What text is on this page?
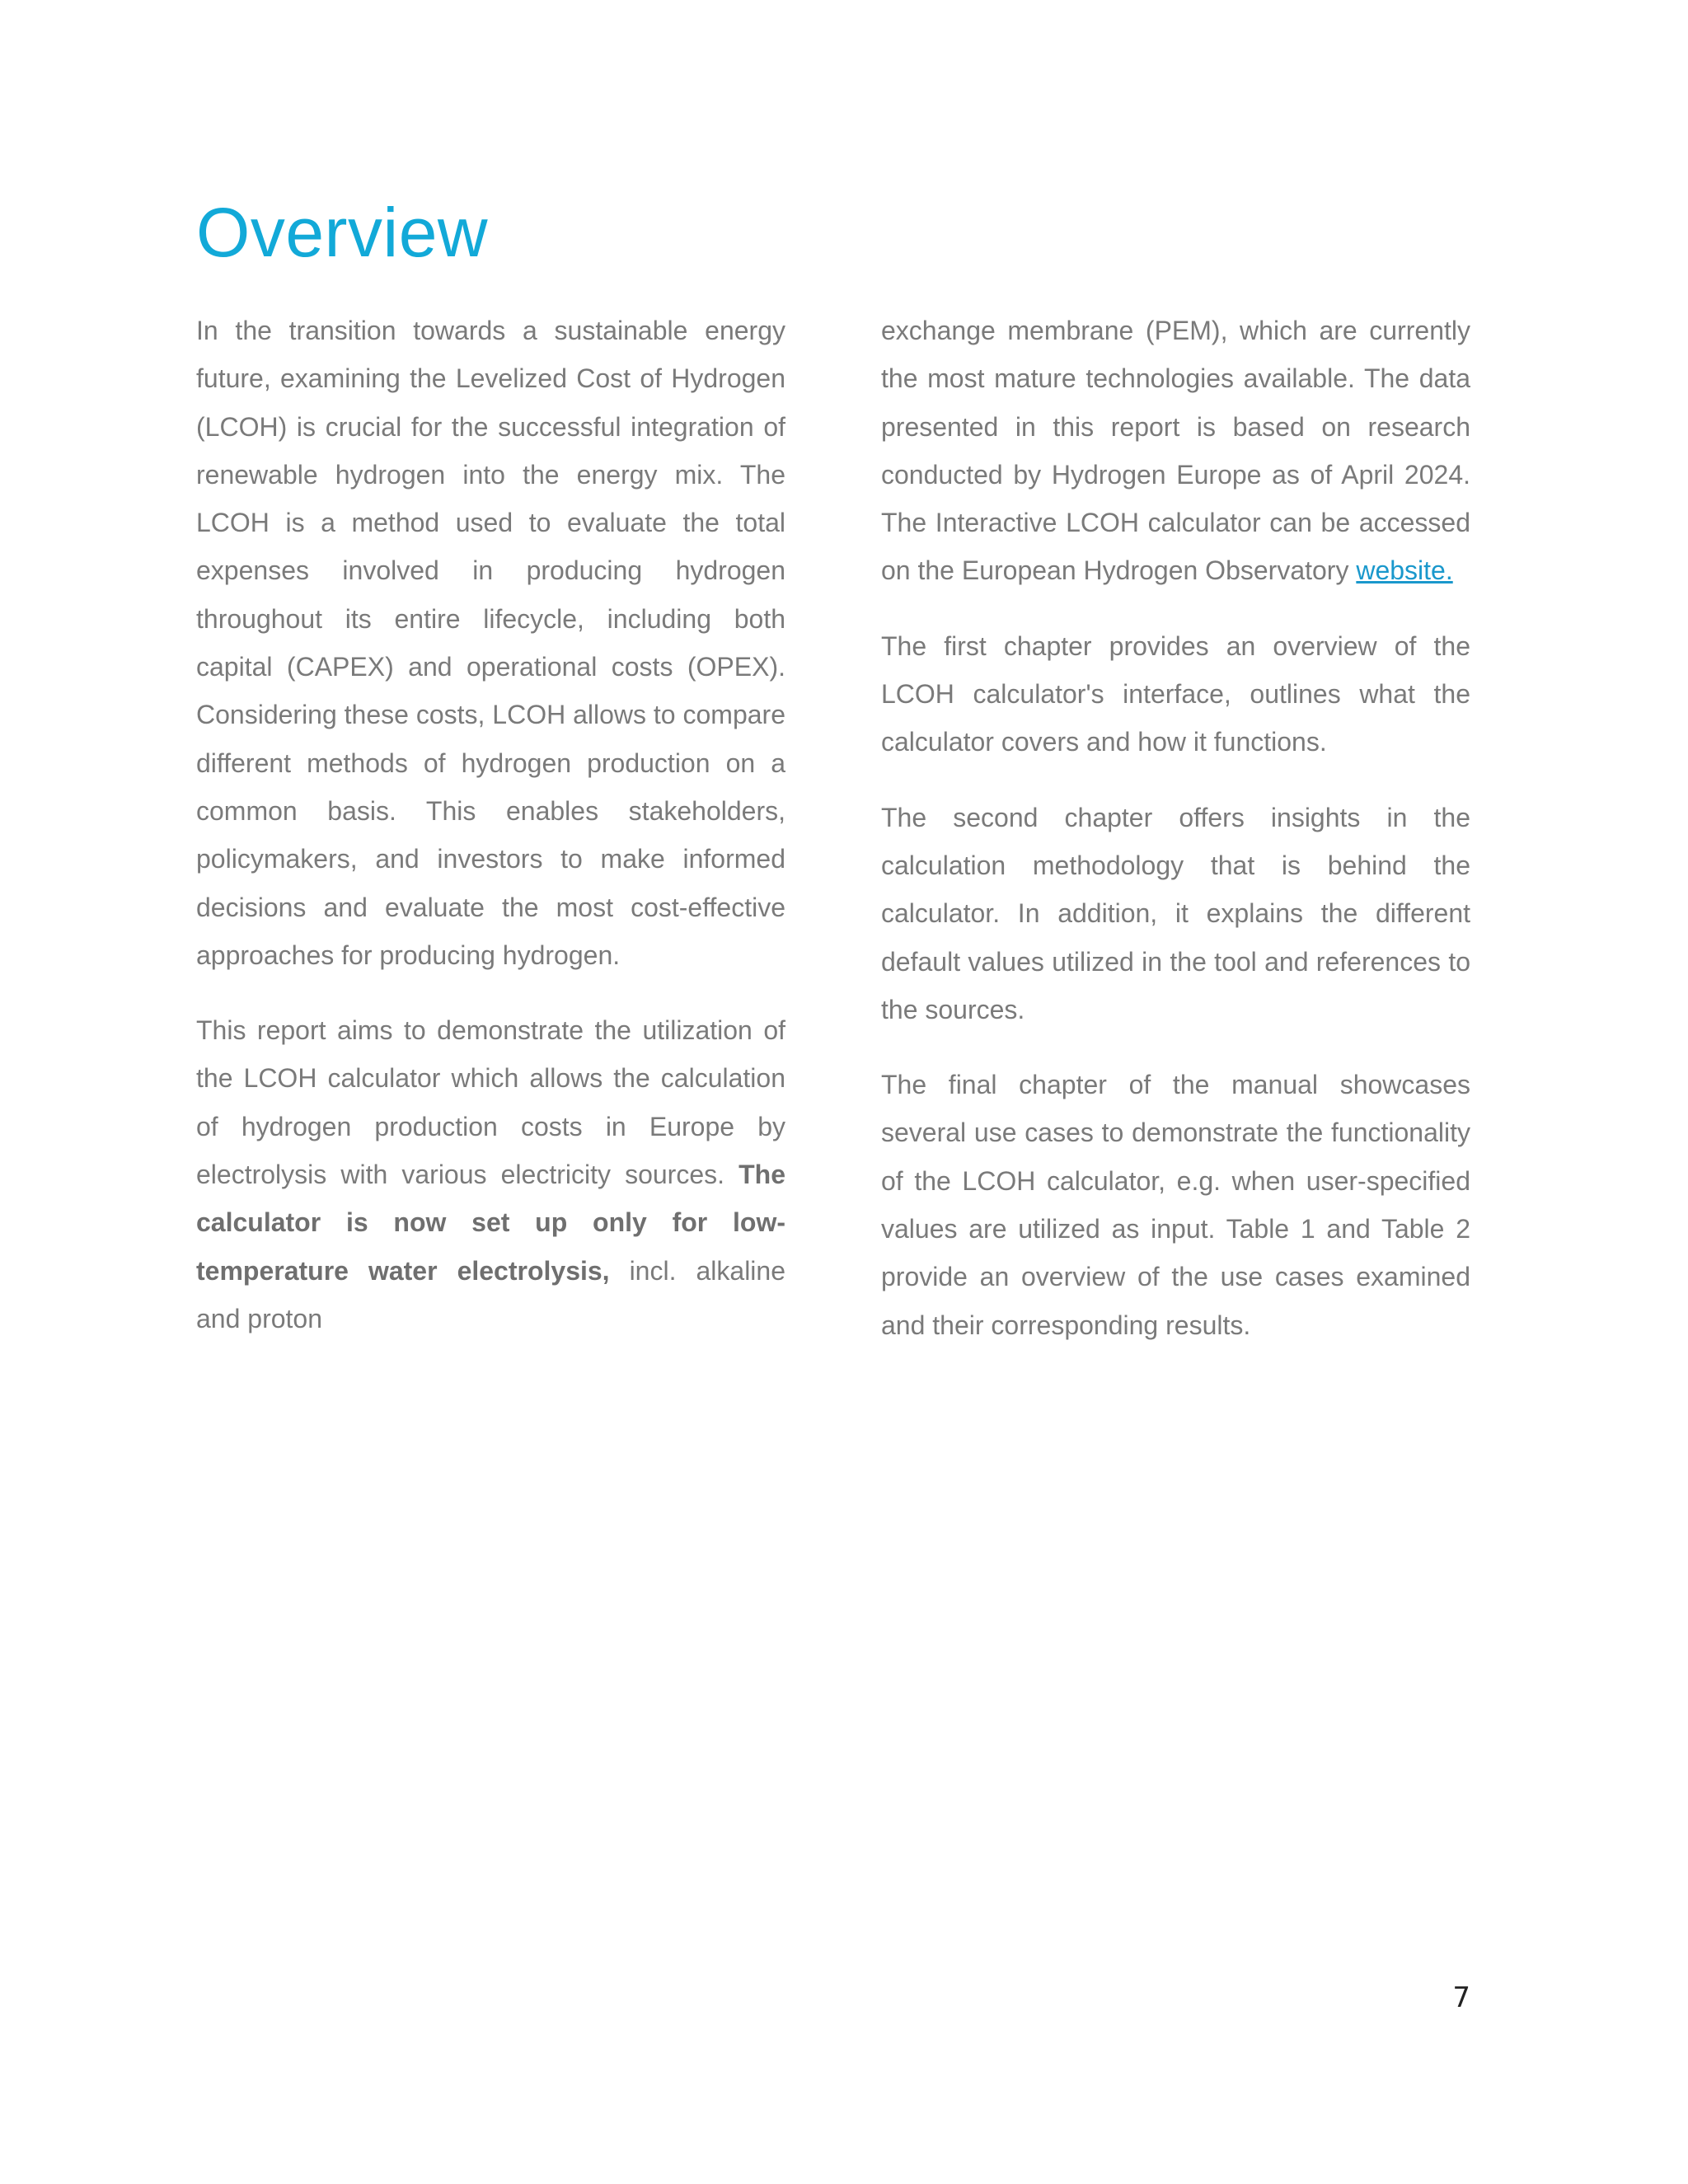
Overview

In the transition towards a sustainable energy future, examining the Levelized Cost of Hydrogen (LCOH) is crucial for the successful integration of renewable hydrogen into the energy mix. The LCOH is a method used to evaluate the total expenses involved in producing hydrogen throughout its entire lifecycle, including both capital (CAPEX) and operational costs (OPEX). Considering these costs, LCOH allows to compare different methods of hydrogen production on a common basis. This enables stakeholders, policymakers, and investors to make informed decisions and evaluate the most cost-effective approaches for producing hydrogen.

This report aims to demonstrate the utilization of the LCOH calculator which allows the calculation of hydrogen production costs in Europe by electrolysis with various electricity sources. The calculator is now set up only for low-temperature water electrolysis, incl. alkaline and proton

exchange membrane (PEM), which are currently the most mature technologies available. The data presented in this report is based on research conducted by Hydrogen Europe as of April 2024. The Interactive LCOH calculator can be accessed on the European Hydrogen Observatory website.

The first chapter provides an overview of the LCOH calculator's interface, outlines what the calculator covers and how it functions.

The second chapter offers insights in the calculation methodology that is behind the calculator. In addition, it explains the different default values utilized in the tool and references to the sources.

The final chapter of the manual showcases several use cases to demonstrate the functionality of the LCOH calculator, e.g. when user-specified values are utilized as input. Table 1 and Table 2 provide an overview of the use cases examined and their corresponding results.

7
